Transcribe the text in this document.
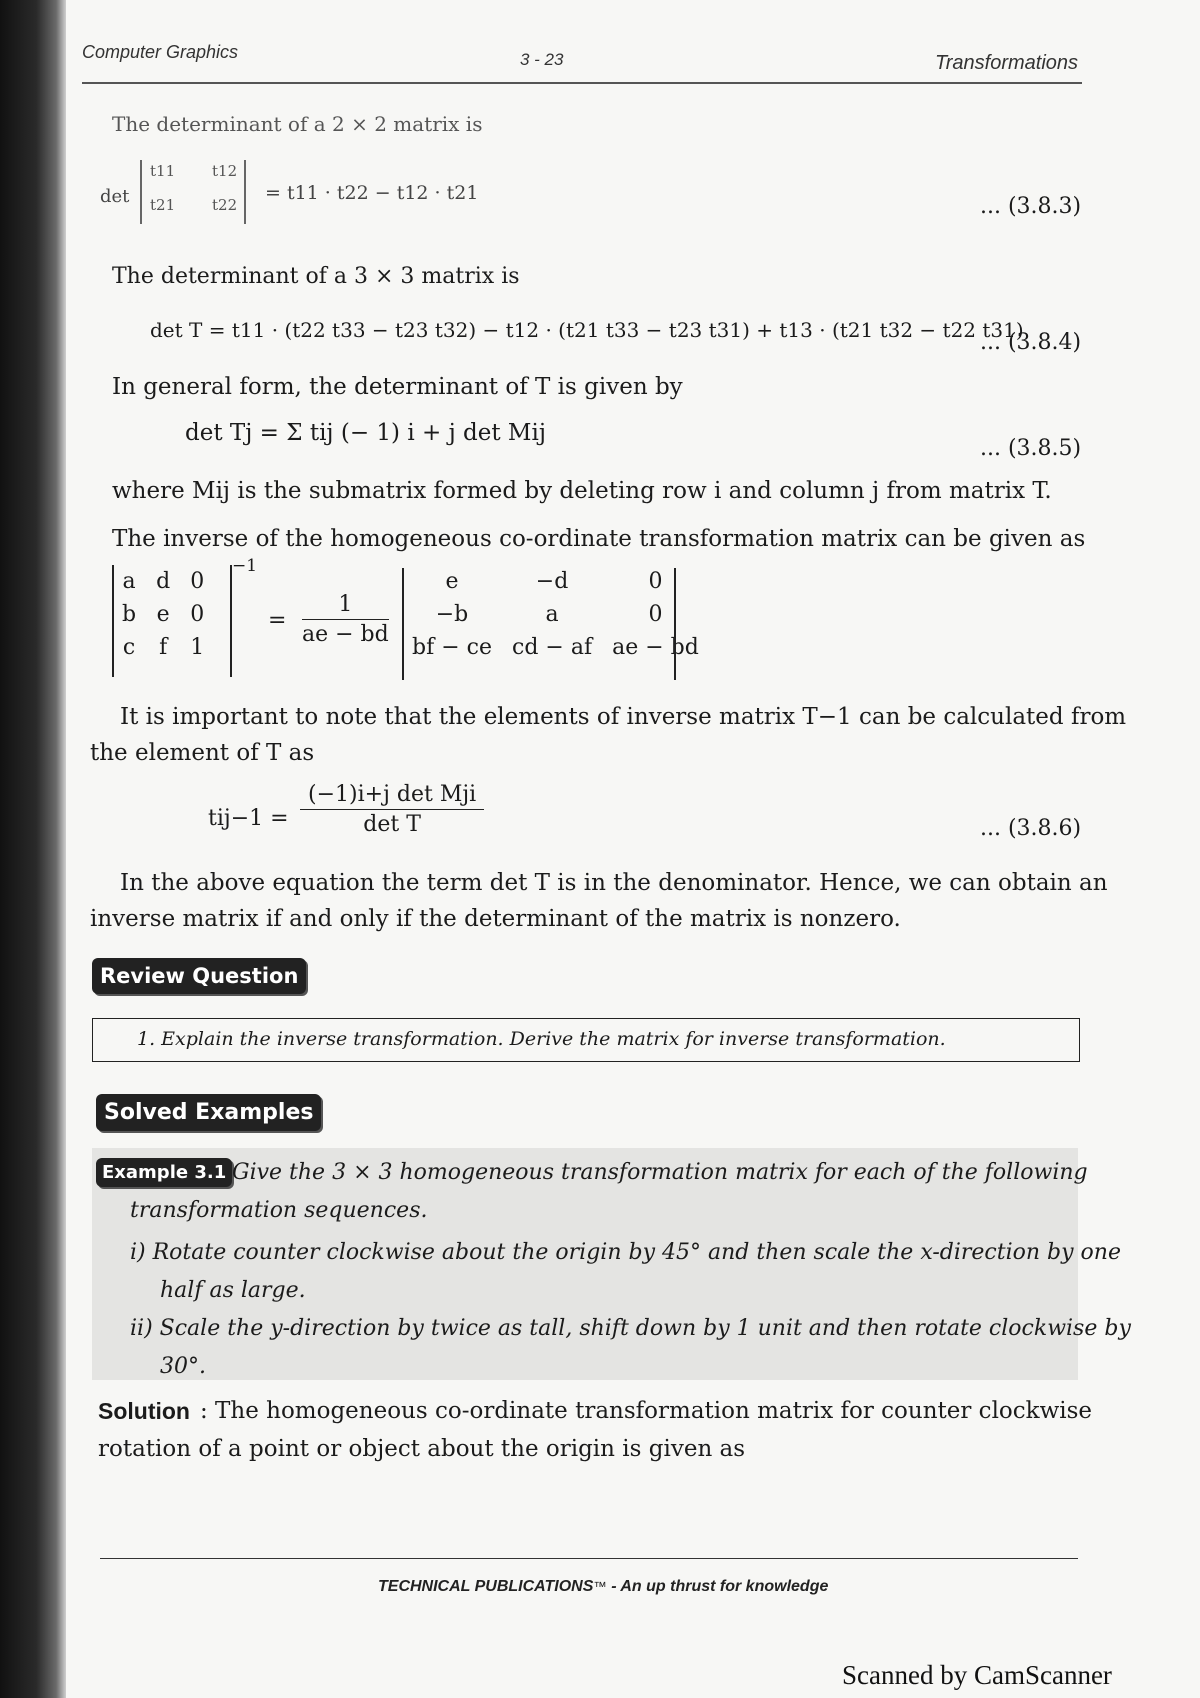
Computer Graphics	3 - 23	Transformations
The determinant of a 2 × 2 matrix is
det
t11 t12
t21 t22
= t11 · t22 − t12 · t21
... (3.8.3)
The determinant of a 3 × 3 matrix is
det T = t11 · (t22 t33 − t23 t32) − t12 · (t21 t33 − t23 t31) + t13 · (t21 t32 − t22 t31)
... (3.8.4)
In general form, the determinant of T is given by
det Tj = Σ tij (− 1) i + j det Mij
... (3.8.5)
where Mij is the submatrix formed by deleting row i and column j from matrix T.
The inverse of the homogeneous co-ordinate transformation matrix can be given as
a	d	0
b	e	0
c	f	1
−1
= $\frac{1}{ae - bd}$
e	−d	0
−b	a	0
bf − ce	cd − af	ae − bd
It is important to note that the elements of inverse matrix T−1 can be calculated from
the element of T as
tij−1 =
(−1)i+j det Mji
det T	... (3.8.6)
In the above equation the term det T is in the denominator. Hence, we can obtain an
inverse matrix if and only if the determinant of the matrix is nonzero.
Review Question
1. Explain the inverse transformation. Derive the matrix for inverse transformation.
Solved Examples
Example 3.1 Give the 3 × 3 homogeneous transformation matrix for each of the following
transformation sequences.
i) Rotate counter clockwise about the origin by 45° and then scale the x-direction by one
half as large.
ii) Scale the y-direction by twice as tall, shift down by 1 unit and then rotate clockwise by
30°.
Solution : The homogeneous co-ordinate transformation matrix for counter clockwise
rotation of a point or object about the origin is given as
TECHNICAL PUBLICATIONS™ - An up thrust for knowledge
Scanned by CamScanner
